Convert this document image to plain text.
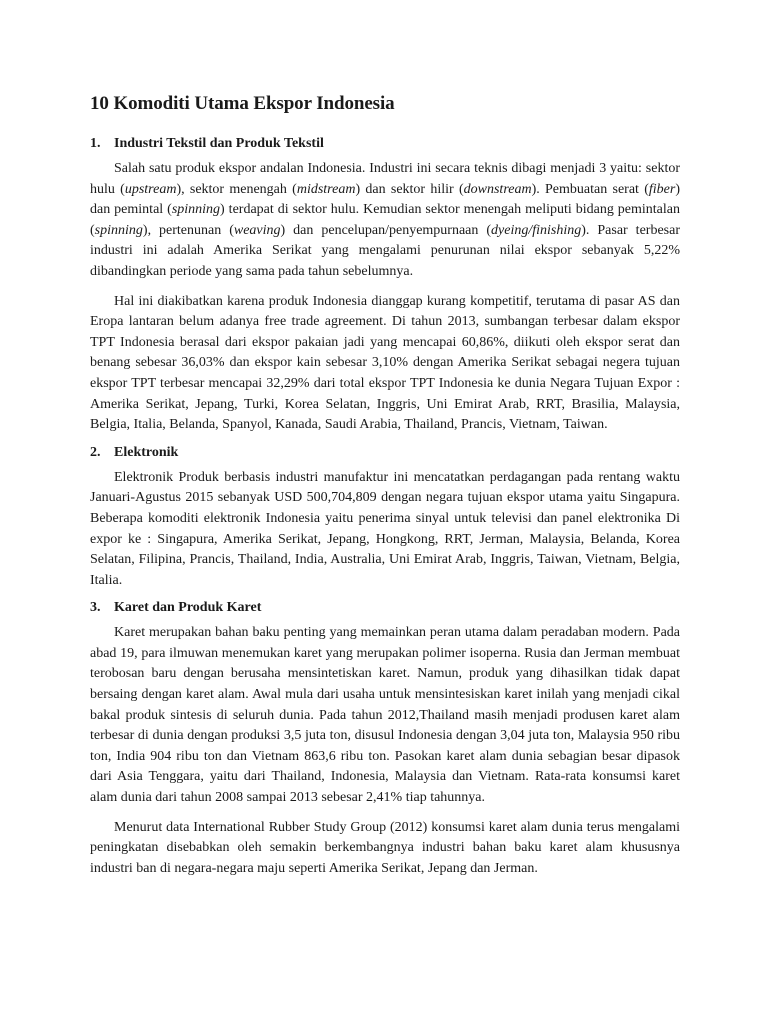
10 Komoditi Utama Ekspor Indonesia
1. Industri Tekstil dan Produk Tekstil

Salah satu produk ekspor andalan Indonesia. Industri ini secara teknis dibagi menjadi 3 yaitu: sektor hulu (upstream), sektor menengah (midstream) dan sektor hilir (downstream). Pembuatan serat (fiber) dan pemintal (spinning) terdapat di sektor hulu. Kemudian sektor menengah meliputi bidang pemintalan (spinning), pertenunan (weaving) dan pencelupan/penyempurnaan (dyeing/finishing). Pasar terbesar industri ini adalah Amerika Serikat yang mengalami penurunan nilai ekspor sebanyak 5,22% dibandingkan periode yang sama pada tahun sebelumnya.

Hal ini diakibatkan karena produk Indonesia dianggap kurang kompetitif, terutama di pasar AS dan Eropa lantaran belum adanya free trade agreement. Di tahun 2013, sumbangan terbesar dalam ekspor TPT Indonesia berasal dari ekspor pakaian jadi yang mencapai 60,86%, diikuti oleh ekspor serat dan benang sebesar 36,03% dan ekspor kain sebesar 3,10% dengan Amerika Serikat sebagai negera tujuan ekspor TPT terbesar mencapai 32,29% dari total ekspor TPT Indonesia ke dunia Negara Tujuan Expor : Amerika Serikat, Jepang, Turki, Korea Selatan, Inggris, Uni Emirat Arab, RRT, Brasilia, Malaysia, Belgia, Italia, Belanda, Spanyol, Kanada, Saudi Arabia, Thailand, Prancis, Vietnam, Taiwan.

2. Elektronik

Elektronik Produk berbasis industri manufaktur ini mencatatkan perdagangan pada rentang waktu Januari-Agustus 2015 sebanyak USD 500,704,809 dengan negara tujuan ekspor utama yaitu Singapura. Beberapa komoditi elektronik Indonesia yaitu penerima sinyal untuk televisi dan panel elektronika Di expor ke : Singapura, Amerika Serikat, Jepang, Hongkong, RRT, Jerman, Malaysia, Belanda, Korea Selatan, Filipina, Prancis, Thailand, India, Australia, Uni Emirat Arab, Inggris, Taiwan, Vietnam, Belgia, Italia.

3. Karet dan Produk Karet

Karet merupakan bahan baku penting yang memainkan peran utama dalam peradaban modern. Pada abad 19, para ilmuwan menemukan karet yang merupakan polimer isoperna. Rusia dan Jerman membuat terobosan baru dengan berusaha mensintetiskan karet. Namun, produk yang dihasilkan tidak dapat bersaing dengan karet alam. Awal mula dari usaha untuk mensintesiskan karet inilah yang menjadi cikal bakal produk sintesis di seluruh dunia. Pada tahun 2012,Thailand masih menjadi produsen karet alam terbesar di dunia dengan produksi 3,5 juta ton, disusul Indonesia dengan 3,04 juta ton, Malaysia 950 ribu ton, India 904 ribu ton dan Vietnam 863,6 ribu ton. Pasokan karet alam dunia sebagian besar dipasok dari Asia Tenggara, yaitu dari Thailand, Indonesia, Malaysia dan Vietnam. Rata-rata konsumsi karet alam dunia dari tahun 2008 sampai 2013 sebesar 2,41% tiap tahunnya.

Menurut data International Rubber Study Group (2012) konsumsi karet alam dunia terus mengalami peningkatan disebabkan oleh semakin berkembangnya industri bahan baku karet alam khususnya industri ban di negara-negara maju seperti Amerika Serikat, Jepang dan Jerman.
